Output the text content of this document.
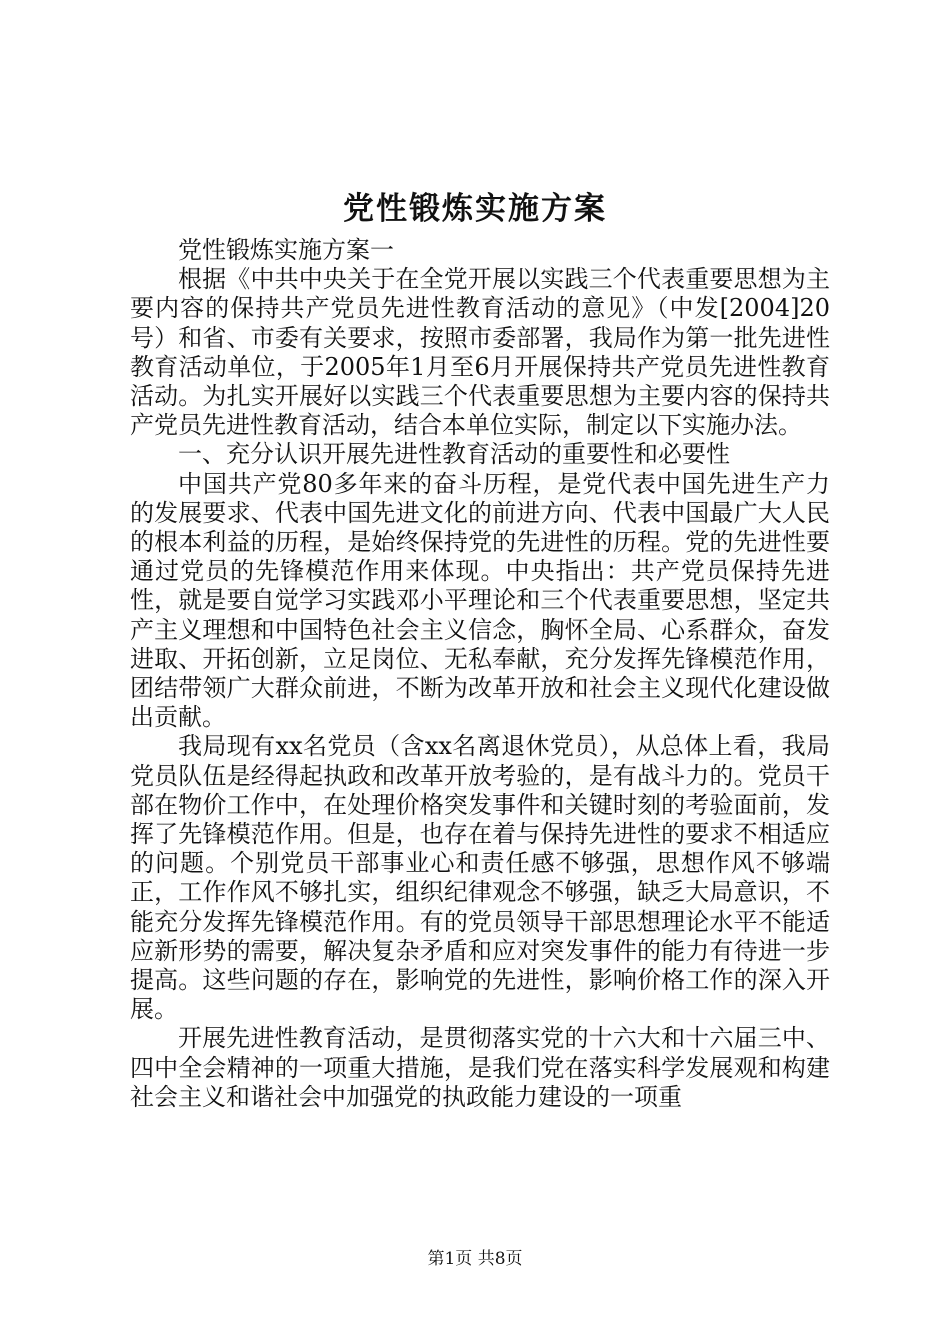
党性锻炼实施方案

党性锻炼实施方案一

根据《中共中央关于在全党开展以实践三个代表重要思想为主要内容的保持共产党员先进性教育活动的意见》（中发[2004]20号）和省、市委有关要求，按照市委部署，我局作为第一批先进性教育活动单位，于2005年1月至6月开展保持共产党员先进性教育活动。为扎实开展好以实践三个代表重要思想为主要内容的保持共产党员先进性教育活动，结合本单位实际，制定以下实施办法。

一、充分认识开展先进性教育活动的重要性和必要性

中国共产党80多年来的奋斗历程，是党代表中国先进生产力的发展要求、代表中国先进文化的前进方向、代表中国最广大人民的根本利益的历程，是始终保持党的先进性的历程。党的先进性要通过党员的先锋模范作用来体现。中央指出：共产党员保持先进性，就是要自觉学习实践邓小平理论和三个代表重要思想，坚定共产主义理想和中国特色社会主义信念，胸怀全局、心系群众，奋发进取、开拓创新，立足岗位、无私奉献，充分发挥先锋模范作用，团结带领广大群众前进，不断为改革开放和社会主义现代化建设做出贡献。

我局现有xx名党员（含xx名离退休党员），从总体上看，我局党员队伍是经得起执政和改革开放考验的，是有战斗力的。党员干部在物价工作中，在处理价格突发事件和关键时刻的考验面前，发挥了先锋模范作用。但是，也存在着与保持先进性的要求不相适应的问题。个别党员干部事业心和责任感不够强，思想作风不够端正，工作作风不够扎实，组织纪律观念不够强，缺乏大局意识，不能充分发挥先锋模范作用。有的党员领导干部思想理论水平不能适应新形势的需要，解决复杂矛盾和应对突发事件的能力有待进一步提高。这些问题的存在，影响党的先进性，影响价格工作的深入开展。

开展先进性教育活动，是贯彻落实党的十六大和十六届三中、四中全会精神的一项重大措施，是我们党在落实科学发展观和构建社会主义和谐社会中加强党的执政能力建设的一项重

第1页 共8页
